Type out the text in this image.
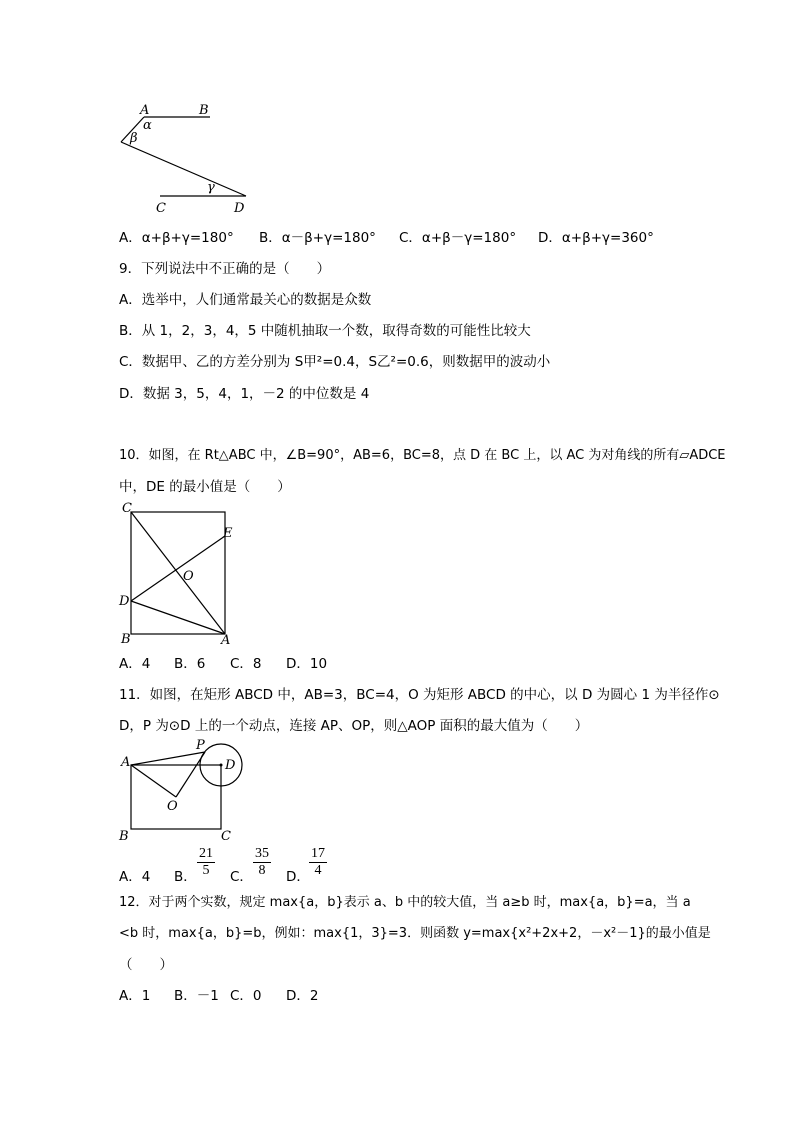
A	B
α
β
γ
C	D
A．α+β+γ=180° B．α－β+γ=180° C．α+β－γ=180° D．α+β+γ=360°
9．下列说法中不正确的是（　　）
A．选举中，人们通常最关心的数据是众数
B．从 1，2，3，4，5 中随机抽取一个数，取得奇数的可能性比较大
C．数据甲、乙的方差分别为 S甲²=0.4，S乙²=0.6，则数据甲的波动小
D．数据 3，5，4，1，－2 的中位数是 4
10．如图，在 Rt△ABC 中，∠B=90°，AB=6，BC=8，点 D 在 BC 上，以 AC 为对角线的所有▱ADCE
中，DE 的最小值是（　　）
C
E
O
D
B	A
A．4 B．6 C．8 D．10
11．如图，在矩形 ABCD 中，AB=3，BC=4，O 为矩形 ABCD 的中心，以 D 为圆心 1 为半径作⊙
D，P 为⊙D 上的一个动点，连接 AP、OP，则△AOP 面积的最大值为（　　）
A
P
D
O
B	C
A．4 B． $\frac{21}{5}$ C． $\frac{35}{8}$ D． $\frac{17}{4}$
12．对于两个实数，规定 max{a，b}表示 a、b 中的较大值，当 a≥b 时，max{a，b}=a，当 a
<b 时，max{a，b}=b，例如：max{1，3}=3．则函数 y=max{x²+2x+2，－x²－1}的最小值是
（　　）
A．1 B．－1 C．0 D．2
